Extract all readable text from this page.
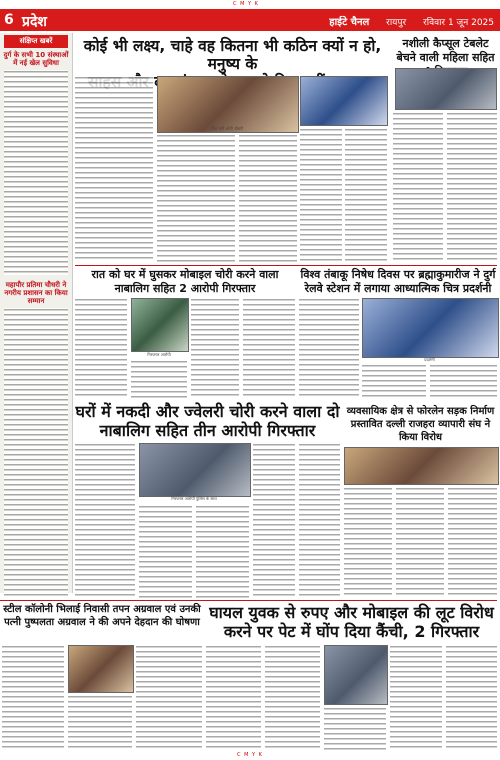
C M Y K
6 प्रदेश	हाईटे चैनल रायपुर रविवार 1 जून 2025
संक्षिप्त खबरें
दुर्ग के सभी 10 संस्थाओं में नई खेल सुविधा
महापौर प्रतिमा चौधरी ने नगरीय प्रशासन का किया सम्मान
कोई भी लक्ष्य, चाहे वह कितना भी कठिन क्यों न हो, मनुष्य के
वित्त मंत्री ओपी चौधरी
नशीली कैप्सूल टेबलेट बेचने वाली महिला सहित
रात को घर में घुसकर मोबाइल चोरी करने वाला नाबालिग सहित 2 आरोपी गिरफ्तार
गिरफ्तार आरोपी
विश्व तंबाकू निषेध दिवस पर ब्रह्माकुमारीज ने दुर्ग रेलवे स्टेशन में लगाया आध्यात्मिक चित्र प्रदर्शनी
प्रदर्शनी
घरों में नकदी और ज्वेलरी चोरी करने वाला दो नाबालिग सहित तीन आरोपी गिरफ्तार
गिरफ्तार आरोपी पुलिस के साथ
व्यवसायिक क्षेत्र से फोरलेन सड़क निर्माण प्रस्तावित दल्ली राजहरा व्यापारी संघ ने किया विरोध
स्टील कॉलोनी भिलाई निवासी तपन अग्रवाल एवं उनकी पत्नी पुष्पलता अग्रवाल ने की अपने देहदान की घोषणा
घायल युवक से रुपए और मोबाइल की लूट विरोध करने पर पेट में घोंप दिया कैंची, 2 गिरफ्तार
C M Y K
